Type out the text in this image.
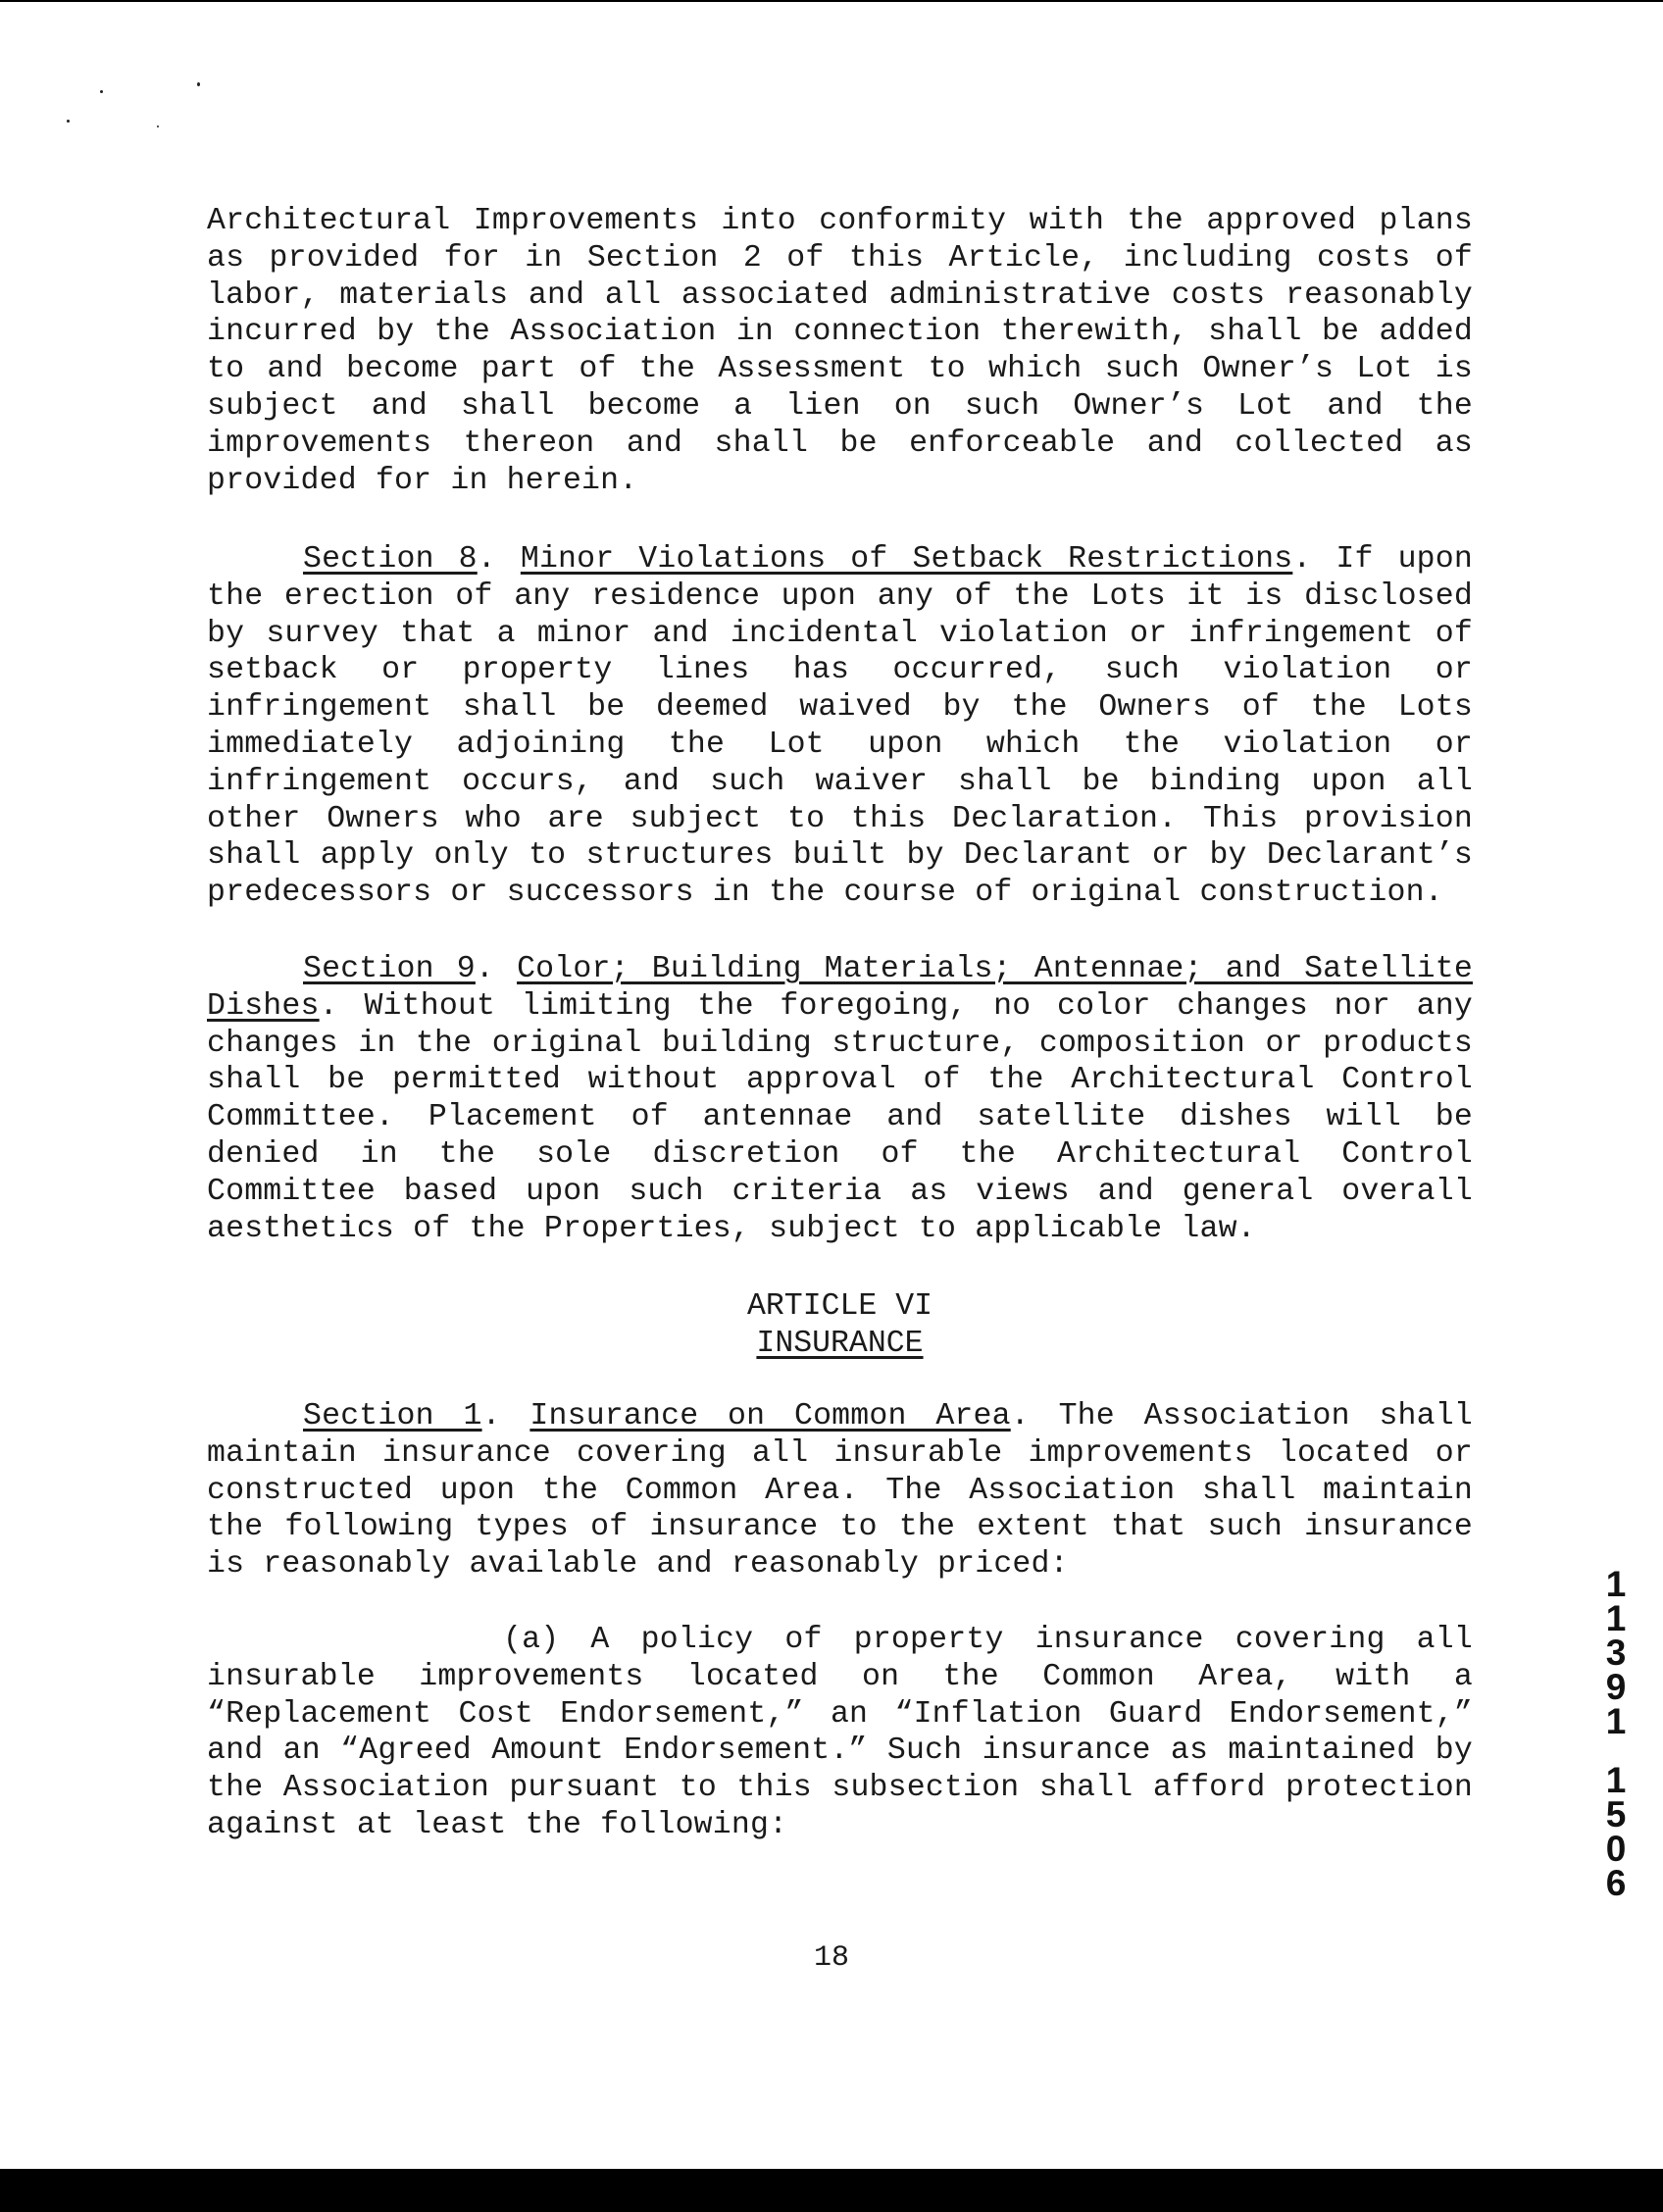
Architectural Improvements into conformity with the approved plans as provided for in Section 2 of this Article, including costs of labor, materials and all associated administrative costs reasonably incurred by the Association in connection therewith, shall be added to and become part of the Assessment to which such Owner’s Lot is subject and shall become a lien on such Owner’s Lot and the improvements thereon and shall be enforceable and collected as provided for in herein.
Section 8. Minor Violations of Setback Restrictions. If upon the erection of any residence upon any of the Lots it is disclosed by survey that a minor and incidental violation or infringement of setback or property lines has occurred, such violation or infringement shall be deemed waived by the Owners of the Lots immediately adjoining the Lot upon which the violation or infringement occurs, and such waiver shall be binding upon all other Owners who are subject to this Declaration. This provision shall apply only to structures built by Declarant or by Declarant’s predecessors or successors in the course of original construction.
Section 9. Color; Building Materials; Antennae; and Satellite Dishes. Without limiting the foregoing, no color changes nor any changes in the original building structure, composition or products shall be permitted without approval of the Architectural Control Committee. Placement of antennae and satellite dishes will be denied in the sole discretion of the Architectural Control Committee based upon such criteria as views and general overall aesthetics of the Properties, subject to applicable law.
ARTICLE VI
INSURANCE
Section 1. Insurance on Common Area. The Association shall maintain insurance covering all insurable improvements located or constructed upon the Common Area. The Association shall maintain the following types of insurance to the extent that such insurance is reasonably available and reasonably priced:
(a) A policy of property insurance covering all insurable improvements located on the Common Area, with a “Replacement Cost Endorsement,” an “Inflation Guard Endorsement,” and an “Agreed Amount Endorsement.” Such insurance as maintained by the Association pursuant to this subsection shall afford protection against at least the following:
18
1
1
3
9
1
1
5
0
6
